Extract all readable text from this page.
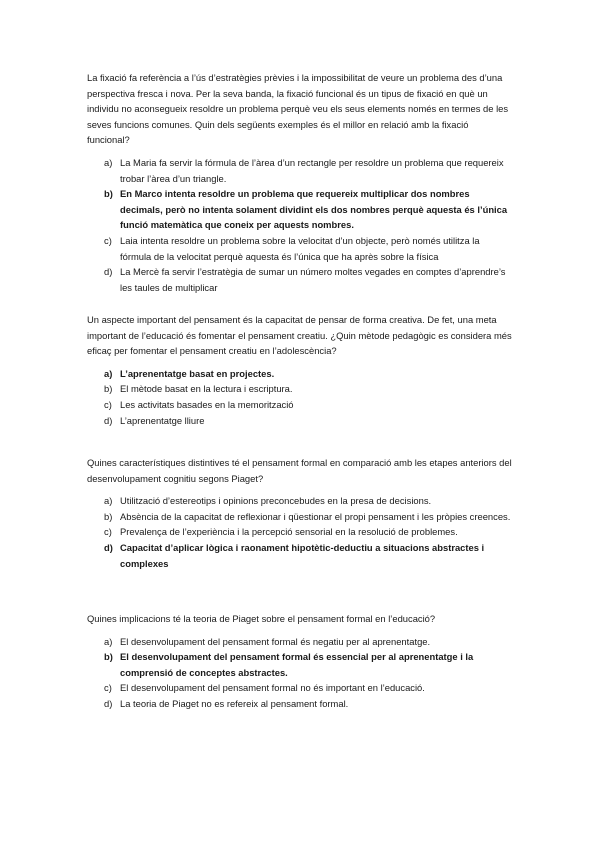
La fixació fa referència a l’ús d’estratègies prèvies i la impossibilitat de veure un problema des d’una perspectiva fresca i nova. Per la seva banda, la fixació funcional és un tipus de fixació en què un individu no aconsegueix resoldre un problema perquè veu els seus elements només en termes de les seves funcions comunes. Quin dels següents exemples és el millor en relació amb la fixació funcional?

a) La Maria fa servir la fórmula de l’àrea d’un rectangle per resoldre un problema que requereix trobar l’àrea d’un triangle.
b) En Marco intenta resoldre un problema que requereix multiplicar dos nombres decimals, però no intenta solament dividint els dos nombres perquè aquesta és l’única funció matemàtica que coneix per aquests nombres.
c) Laia intenta resoldre un problema sobre la velocitat d’un objecte, però només utilitza la fórmula de la velocitat perquè aquesta és l’única que ha après sobre la física
d) La Mercè fa servir l’estratègia de sumar un número moltes vegades en comptes d’aprendre’s les taules de multiplicar

Un aspecte important del pensament és la capacitat de pensar de forma creativa. De fet, una meta important de l’educació és fomentar el pensament creatiu. ¿Quin mètode pedagògic es considera més eficaç per fomentar el pensament creatiu en l’adolescència?

a) L’aprenentatge basat en projectes.
b) El mètode basat en la lectura i escriptura.
c) Les activitats basades en la memorització
d) L’aprenentatge lliure

Quines característiques distintives té el pensament formal en comparació amb les etapes anteriors del desenvolupament cognitiu segons Piaget?

a) Utilització d’estereotips i opinions preconcebudes en la presa de decisions.
b) Absència de la capacitat de reflexionar i qüestionar el propi pensament i les pròpies creences.
c) Prevalença de l’experiència i la percepció sensorial en la resolució de problemes.
d) Capacitat d’aplicar lògica i raonament hipotètic-deductiu a situacions abstractes i complexes

Quines implicacions té la teoria de Piaget sobre el pensament formal en l’educació?

a) El desenvolupament del pensament formal és negatiu per al aprenentatge.
b) El desenvolupament del pensament formal és essencial per al aprenentatge i la comprensió de conceptes abstractes.
c) El desenvolupament del pensament formal no és important en l’educació.
d) La teoria de Piaget no es refereix al pensament formal.
